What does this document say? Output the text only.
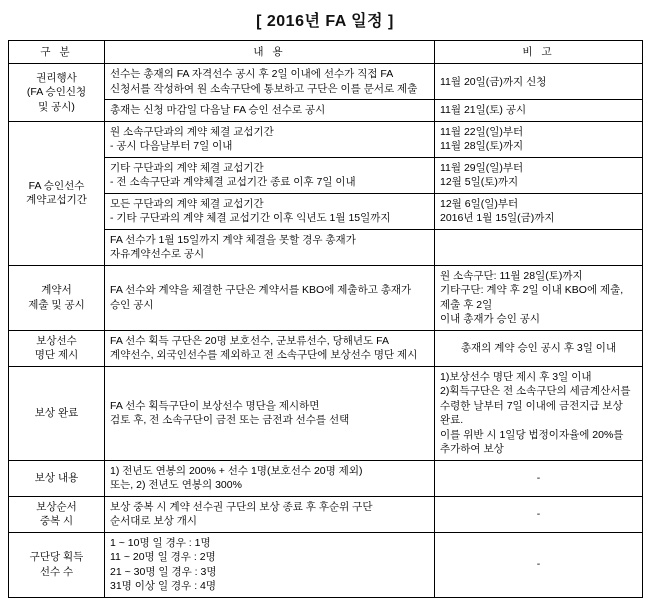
[ 2016년 FA 일정 ]
구 분	내 용	비 고

권리행사
(FA 승인신청
및 공시)	선수는 총재의 FA 자격선수 공시 후 2일 이내에 선수가 직접 FA 신청서를 작성하여 원 소속구단에 통보하고 구단은 이를 문서로 제출	11월 20일(금)까지 신청

	총재는 신청 마감일 다음날 FA 승인 선수로 공시	11월 21일(토) 공시

FA 승인선수
계약교섭기간	원 소속구단과의 계약 체결 교섭기간
- 공시 다음날부터 7일 이내	11월 22일(일)부터
11월 28일(토)까지

	기타 구단과의 계약 체결 교섭기간
- 전 소속구단과 계약체결 교섭기간 종료 이후 7일 이내	11월 29일(일)부터
12월 5일(토)까지

	모든 구단과의 계약 체결 교섭기간
- 기타 구단과의 계약 체결 교섭기간 이후 익년도 1월 15일까지	12월 6일(일)부터
2016년 1월 15일(금)까지

	FA 선수가 1월 15일까지 계약 체결을 못할 경우 총재가 자유계약선수로 공시	

계약서
제출 및 공시	FA 선수와 계약을 체결한 구단은 계약서를 KBO에 제출하고 총재가 승인 공시	원 소속구단: 11월 28일(토)까지
기타구단: 계약 후 2일 이내 KBO에 제출, 제출 후 2일
이내 총재가 승인 공시

보상선수
명단 제시	FA 선수 획득 구단은 20명 보호선수, 군보류선수, 당해년도 FA 계약선수, 외국인선수를 제외하고 전 소속구단에 보상선수 명단 제시	총재의 계약 승인 공시 후 3일 이내

보상 완료	FA 선수 획득구단이 보상선수 명단을 제시하면
검토 후, 전 소속구단이 금전 또는 금전과 선수를 선택	1)보상선수 명단 제시 후 3일 이내
2)획득구단은 전 소속구단의 세금계산서를 수령한 날부터 7일 이내에 금전지급 보상 완료.
이를 위반 시 1일당 법정이자율에 20%를 추가하여 보상

보상 내용	1) 전년도 연봉의 200% + 선수 1명(보호선수 20명 제외)
또는, 2) 전년도 연봉의 300%	-

보상순서
중복 시	보상 중복 시 계약 선수권 구단의 보상 종료 후 후순위 구단
순서대로 보상 개시	-

구단당 획득
선수 수	1 ~ 10명 일 경우 : 1명
11 ~ 20명 일 경우 : 2명
21 ~ 30명 일 경우 : 3명
31명 이상 일 경우 : 4명	-
